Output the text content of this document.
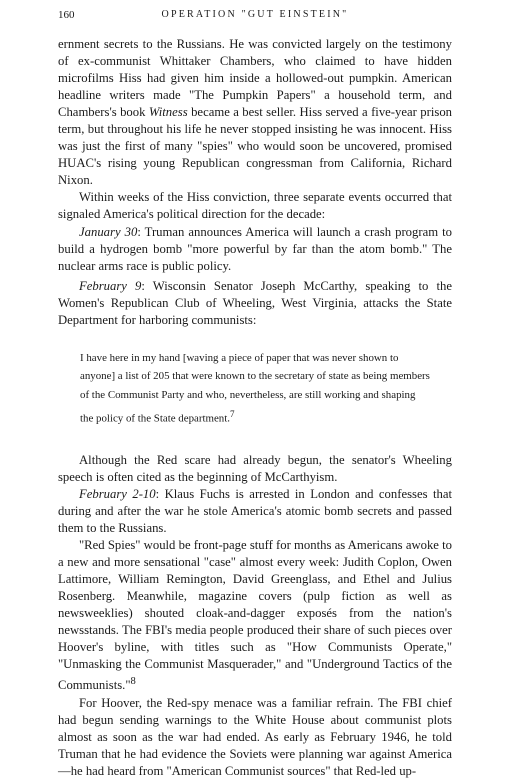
160	OPERATION "GUT EINSTEIN"

ernment secrets to the Russians. He was convicted largely on the testimony of ex-communist Whittaker Chambers, who claimed to have hidden microfilms Hiss had given him inside a hollowed-out pumpkin. American headline writers made "The Pumpkin Papers" a household term, and Chambers's book Witness became a best seller. Hiss served a five-year prison term, but throughout his life he never stopped insisting he was innocent. Hiss was just the first of many "spies" who would soon be uncovered, promised HUAC's rising young Republican congressman from California, Richard Nixon.

Within weeks of the Hiss conviction, three separate events occurred that signaled America's political direction for the decade:

January 30: Truman announces America will launch a crash program to build a hydrogen bomb "more powerful by far than the atom bomb." The nuclear arms race is public policy.

February 9: Wisconsin Senator Joseph McCarthy, speaking to the Women's Republican Club of Wheeling, West Virginia, attacks the State Department for harboring communists:

I have here in my hand [waving a piece of paper that was never shown to anyone] a list of 205 that were known to the secretary of state as being members of the Communist Party and who, nevertheless, are still working and shaping the policy of the State department.$^7$

Although the Red scare had already begun, the senator's Wheeling speech is often cited as the beginning of McCarthyism.

February 2-10: Klaus Fuchs is arrested in London and confesses that during and after the war he stole America's atomic bomb secrets and passed them to the Russians.

"Red Spies" would be front-page stuff for months as Americans awoke to a new and more sensational "case" almost every week: Judith Coplon, Owen Lattimore, William Remington, David Greenglass, and Ethel and Julius Rosenberg. Meanwhile, magazine covers (pulp fiction as well as newsweeklies) shouted cloak-and-dagger exposés from the nation's newsstands. The FBI's media people produced their share of such pieces over Hoover's byline, with titles such as "How Communists Operate," "Unmasking the Communist Masquerader," and "Underground Tactics of the Communists."$^8$

For Hoover, the Red-spy menace was a familiar refrain. The FBI chief had begun sending warnings to the White House about communist plots almost as soon as the war had ended. As early as February 1946, he told Truman that he had evidence the Soviets were planning war against America—he had heard from "American Communist sources" that Red-led up-
